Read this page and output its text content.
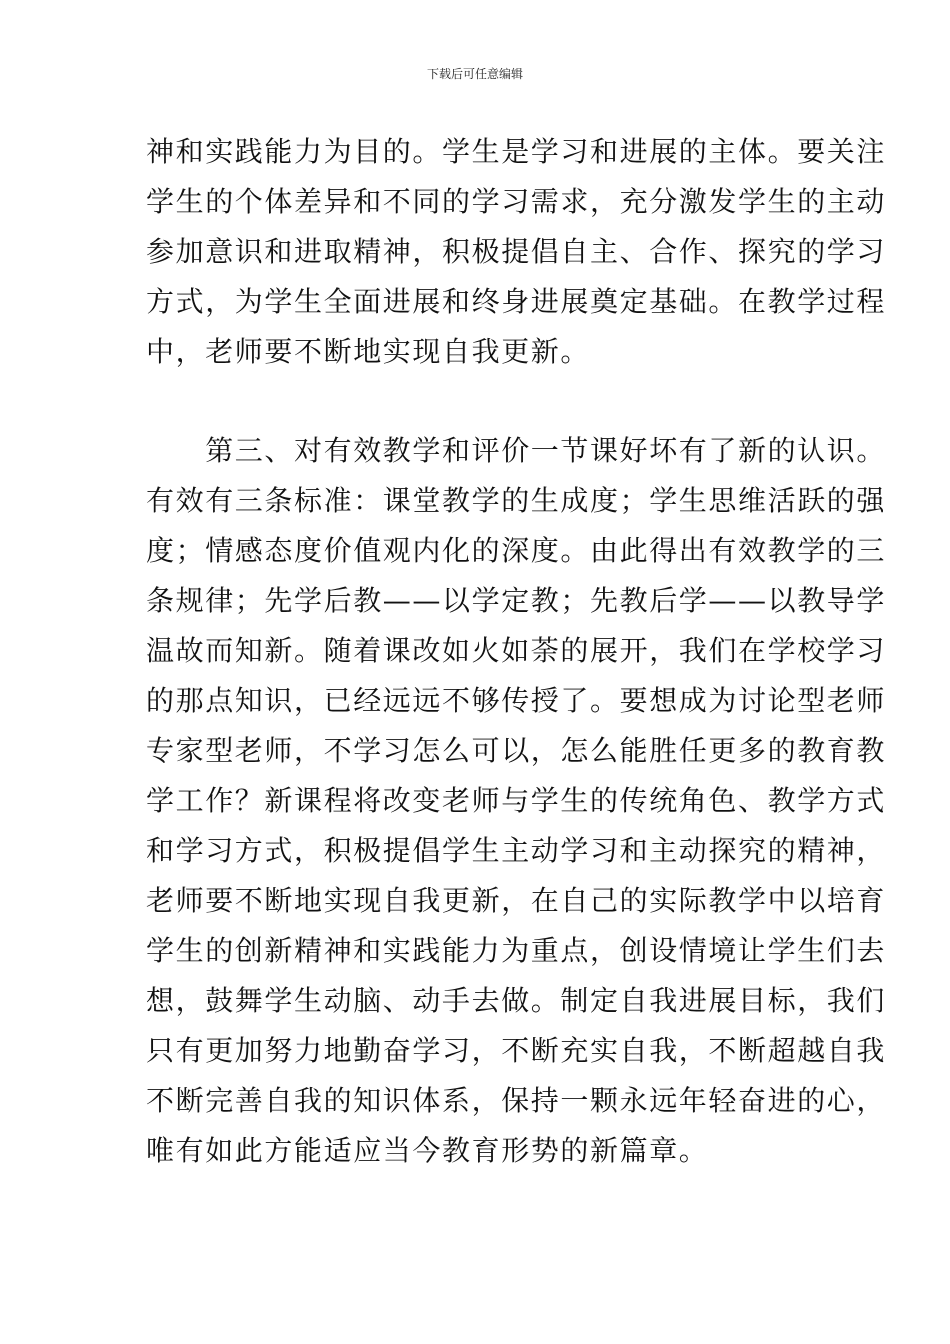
下载后可任意编辑
神和实践能力为目的。学生是学习和进展的主体。要关注
学生的个体差异和不同的学习需求，充分激发学生的主动
参加意识和进取精神，积极提倡自主、合作、探究的学习
方式，为学生全面进展和终身进展奠定基础。在教学过程
中，老师要不断地实现自我更新。
　　第三、对有效教学和评价一节课好坏有了新的认识。
有效有三条标准：课堂教学的生成度；学生思维活跃的强
度；情感态度价值观内化的深度。由此得出有效教学的三
条规律；先学后教——以学定教；先教后学——以教导学
温故而知新。随着课改如火如荼的展开，我们在学校学习
的那点知识，已经远远不够传授了。要想成为讨论型老师
专家型老师，不学习怎么可以，怎么能胜任更多的教育教
学工作？新课程将改变老师与学生的传统角色、教学方式
和学习方式，积极提倡学生主动学习和主动探究的精神，
老师要不断地实现自我更新，在自己的实际教学中以培育
学生的创新精神和实践能力为重点，创设情境让学生们去
想，鼓舞学生动脑、动手去做。制定自我进展目标，我们
只有更加努力地勤奋学习，不断充实自我，不断超越自我
不断完善自我的知识体系，保持一颗永远年轻奋进的心，
唯有如此方能适应当今教育形势的新篇章。
